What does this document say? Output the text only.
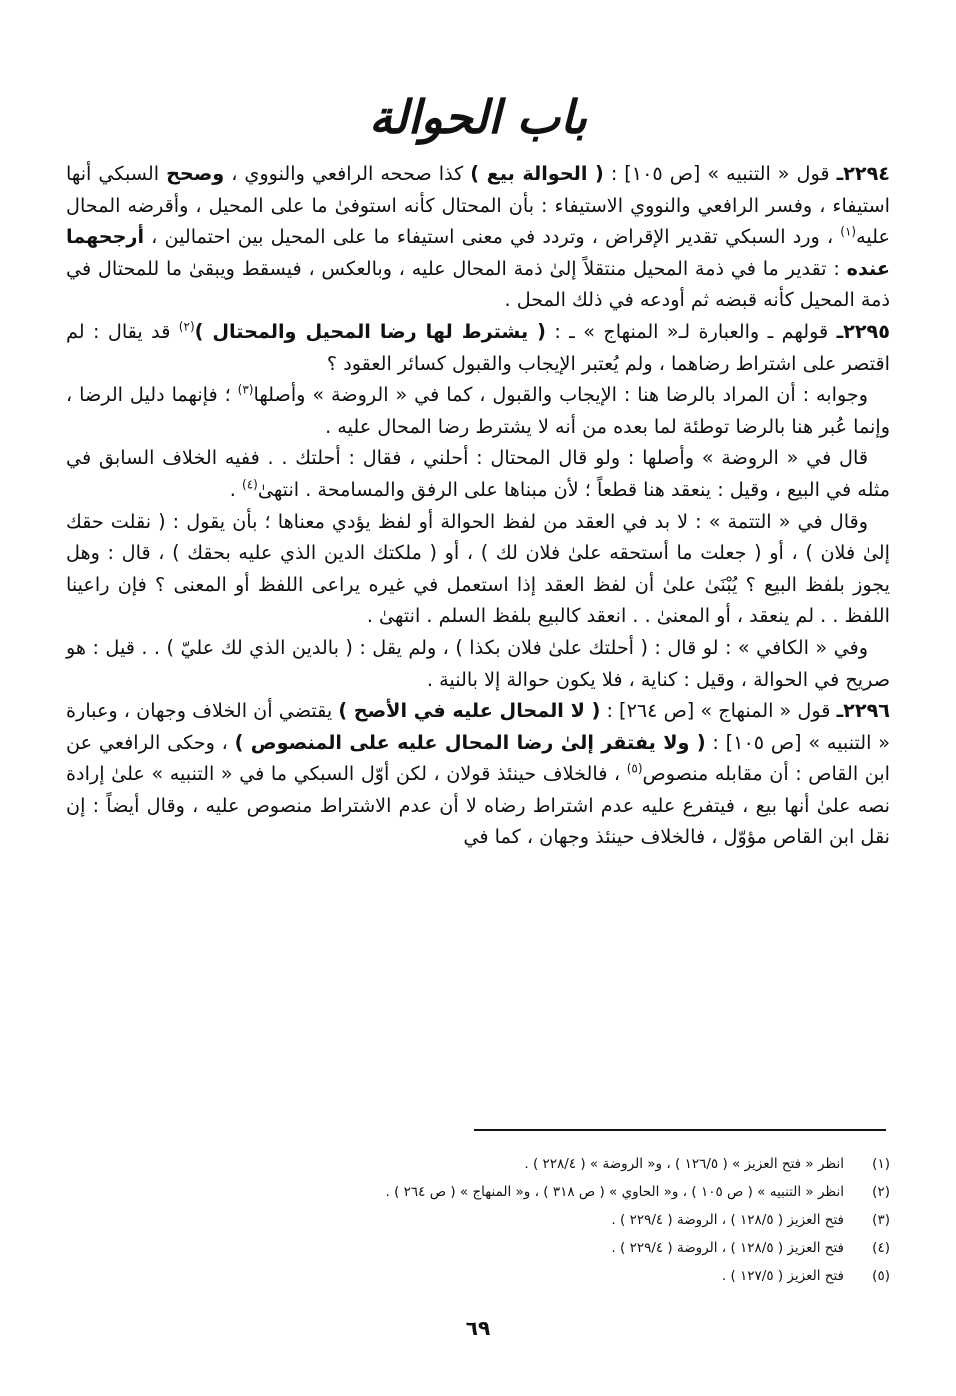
باب الحوالة

٢٢٩٤ـ قول « التنبيه » [ص ١٠٥] : ( الحوالة بيع ) كذا صححه الرافعي والنووي ، وصحح السبكي أنها استيفاء ، وفسر الرافعي والنووي الاستيفاء : بأن المحتال كأنه استوفىٰ ما على المحيل ، وأقرضه المحال عليه$^{(١)}$ ، ورد السبكي تقدير الإقراض ، وتردد في معنى استيفاء ما على المحيل بين احتمالين ، أرجحهما عنده : تقدير ما في ذمة المحيل منتقلاً إلىٰ ذمة المحال عليه ، وبالعكس ، فيسقط ويبقىٰ ما للمحتال في ذمة المحيل كأنه قبضه ثم أودعه في ذلك المحل .

٢٢٩٥ـ قولهم ـ والعبارة لـ« المنهاج » ـ : ( يشترط لها رضا المحيل والمحتال )$^{(٢)}$ قد يقال : لم اقتصر على اشتراط رضاهما ، ولم يُعتبر الإيجاب والقبول كسائر العقود ؟

وجوابه : أن المراد بالرضا هنا : الإيجاب والقبول ، كما في « الروضة » وأصلها$^{(٣)}$ ؛ فإنهما دليل الرضا ، وإنما عُبر هنا بالرضا توطئة لما بعده من أنه لا يشترط رضا المحال عليه .

قال في « الروضة » وأصلها : ولو قال المحتال : أحلني ، فقال : أحلتك . . ففيه الخلاف السابق في مثله في البيع ، وقيل : ينعقد هنا قطعاً ؛ لأن مبناها على الرفق والمسامحة . انتهىٰ$^{(٤)}$ .

وقال في « التتمة » : لا بد في العقد من لفظ الحوالة أو لفظ يؤدي معناها ؛ بأن يقول : ( نقلت حقك إلىٰ فلان ) ، أو ( جعلت ما أستحقه علىٰ فلان لك ) ، أو ( ملكتك الدين الذي عليه بحقك ) ، قال : وهل يجوز بلفظ البيع ؟ يُبْنَىٰ علىٰ أن لفظ العقد إذا استعمل في غيره يراعى اللفظ أو المعنى ؟ فإن راعينا اللفظ . . لم ينعقد ، أو المعنىٰ . . انعقد كالبيع بلفظ السلم . انتهىٰ .

وفي « الكافي » : لو قال : ( أحلتك علىٰ فلان بكذا ) ، ولم يقل : ( بالدين الذي لك عليّ ) . . قيل : هو صريح في الحوالة ، وقيل : كناية ، فلا يكون حوالة إلا بالنية .

٢٢٩٦ـ قول « المنهاج » [ص ٢٦٤] : ( لا المحال عليه في الأصح ) يقتضي أن الخلاف وجهان ، وعبارة « التنبيه » [ص ١٠٥] : ( ولا يفتقر إلىٰ رضا المحال عليه على المنصوص ) ، وحكى الرافعي عن ابن القاص : أن مقابله منصوص$^{(٥)}$ ، فالخلاف حينئذ قولان ، لكن أوّل السبكي ما في « التنبيه » علىٰ إرادة نصه علىٰ أنها بيع ، فيتفرع عليه عدم اشتراط رضاه لا أن عدم الاشتراط منصوص عليه ، وقال أيضاً : إن نقل ابن القاص مؤوّل ، فالخلاف حينئذ وجهان ، كما في

(١)
انظر « فتح العزيز » ( ١٢٦/٥ ) ، و« الروضة » ( ٢٢٨/٤ ) .
(٢)
انظر « التنبيه » ( ص ١٠٥ ) ، و« الحاوي » ( ص ٣١٨ ) ، و« المنهاج » ( ص ٢٦٤ ) .
(٣)
فتح العزيز ( ١٢٨/٥ ) ، الروضة ( ٢٢٩/٤ ) .
(٤)
فتح العزيز ( ١٢٨/٥ ) ، الروضة ( ٢٢٩/٤ ) .
(٥)
فتح العزيز ( ١٢٧/٥ ) .
٦٩
